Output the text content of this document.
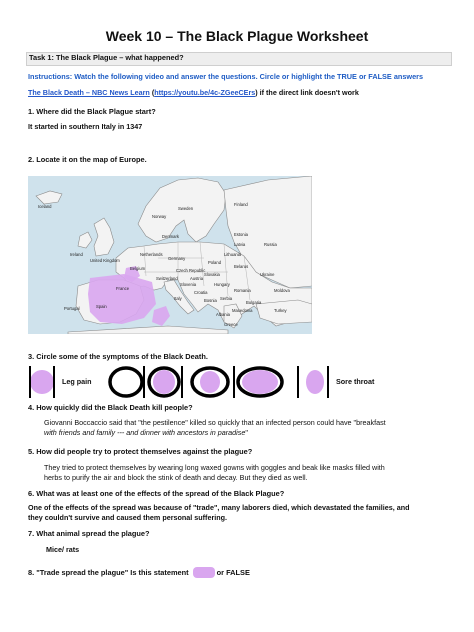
Week 10 – The Black Plague Worksheet
Task 1: The Black Plague – what happened?
Instructions: Watch the following video and answer the questions. Circle or highlight the TRUE or FALSE answers
The Black Death – NBC News Learn (https://youtu.be/4c-ZGeeCErs) if the direct link doesn't work
1. Where did the Black Plague start?
It started in southern Italy in 1347
2. Locate it on the map of Europe.
Iceland	Finland
Sweden
Norway
Russia
Ireland
Denmark	Estonia
Latvia
Lithuania
Belarus
United Kingdom
Netherlands
Germany
Poland
Belgium	Czech Republic
Ukraine
France
Austria
Hungary
Slovakia
Moldova
Romania
Switzerland
Slovenia
Croatia
Serbia
Bosnia	Bulgaria
Italy
Spain
Portugal
Albania
Macedonia
Greece
Turkey
3. Circle some of the symptoms of the Black Death.
Leg pain	Sore throat
4. How quickly did the Black Death kill people?
Giovanni Boccaccio said that "the pestilence" killed so quickly that an infected person could have "breakfast
with friends and family --- and dinner with ancestors in paradise"
5. How did people try to protect themselves against the plague?
They tried to protect themselves by wearing long waxed gowns with goggles and beak like masks filled with
herbs to purify the air and block the stink of death and decay. But they died as well.
6. What was at least one of the effects of the spread of the Black Plague?
One of the effects of the spread was because of "trade", many laborers died, which devastated the families, and
they couldn't survive and caused them personal suffering.
7. What animal spread the plague?
Mice/ rats
8. "Trade spread the plague" Is this statement	or FALSE
